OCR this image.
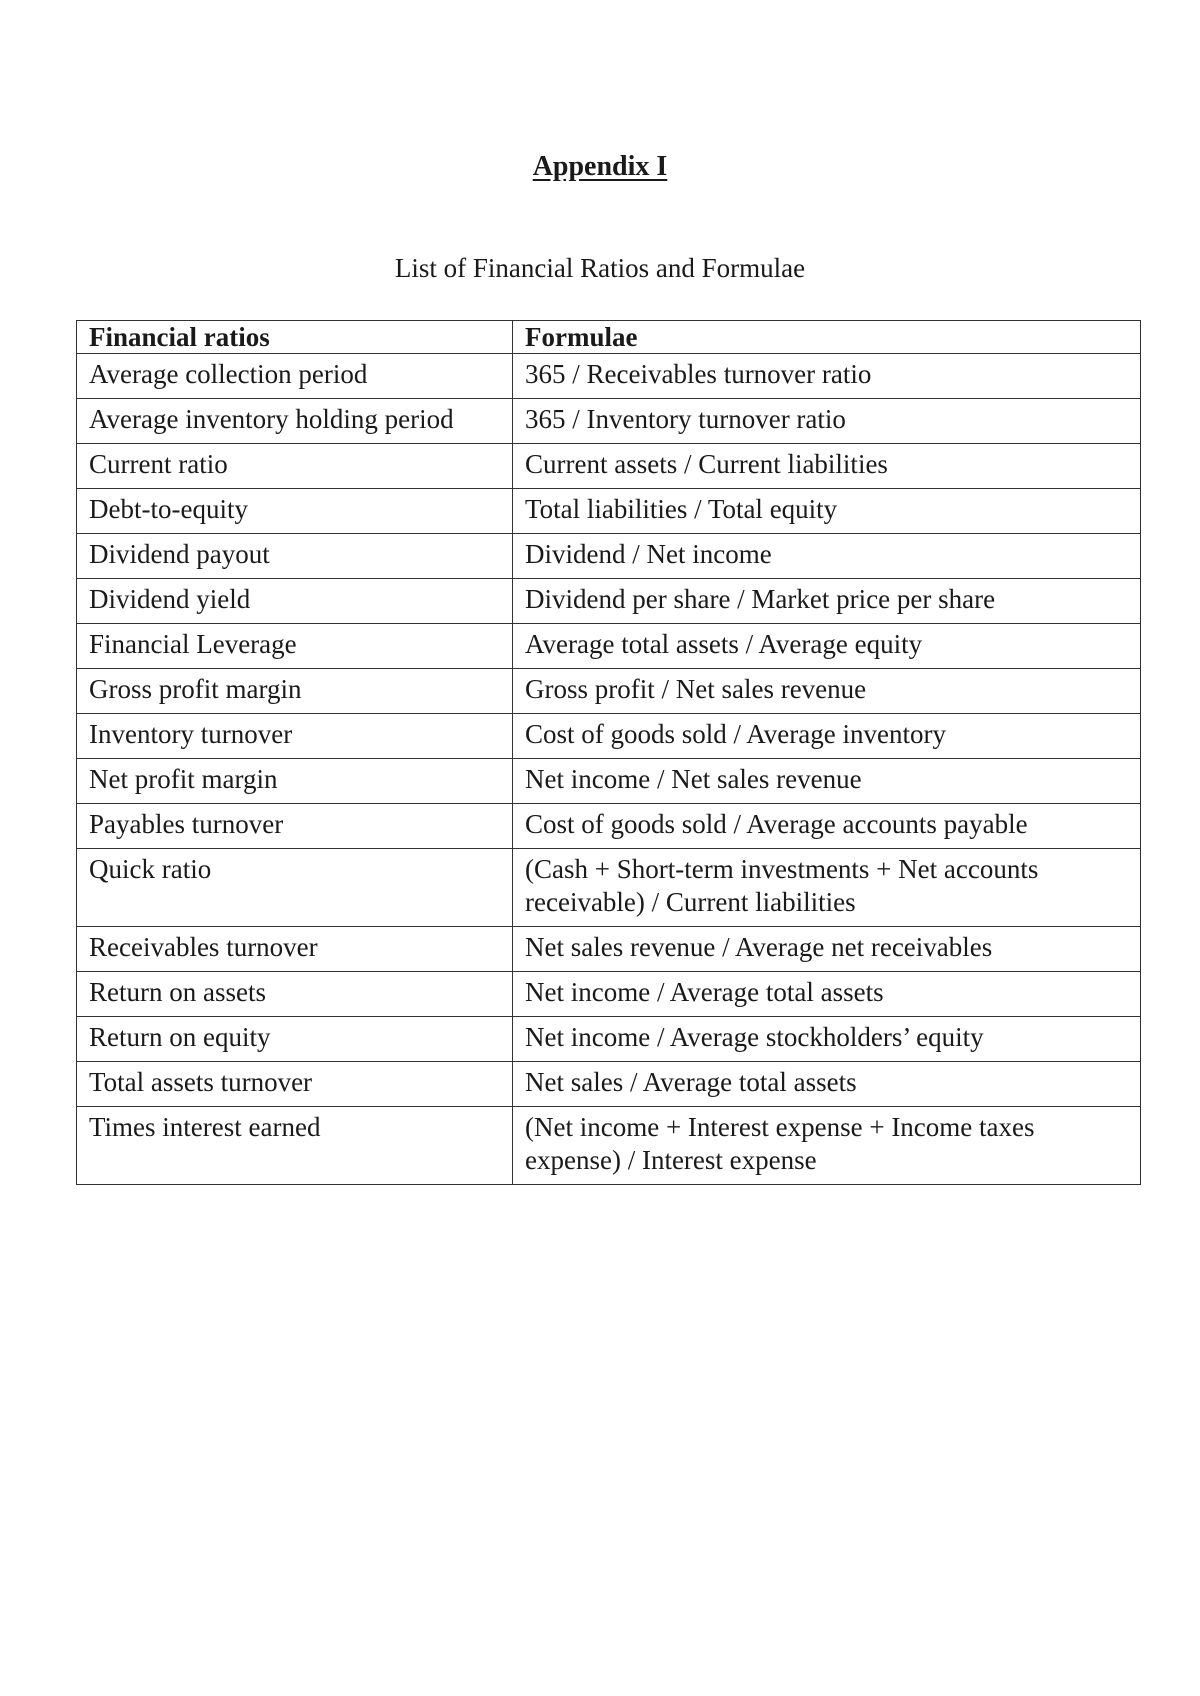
Appendix I
List of Financial Ratios and Formulae
Financial ratios	Formulae
Average collection period	365 / Receivables turnover ratio
Average inventory holding period	365 / Inventory turnover ratio
Current ratio	Current assets / Current liabilities
Debt-to-equity	Total liabilities / Total equity
Dividend payout	Dividend / Net income
Dividend yield	Dividend per share / Market price per share
Financial Leverage	Average total assets / Average equity
Gross profit margin	Gross profit / Net sales revenue
Inventory turnover	Cost of goods sold / Average inventory
Net profit margin	Net income / Net sales revenue
Payables turnover	Cost of goods sold / Average accounts payable
Quick ratio	(Cash + Short-term investments + Net accounts receivable) / Current liabilities
Receivables turnover	Net sales revenue / Average net receivables
Return on assets	Net income / Average total assets
Return on equity	Net income / Average stockholders’ equity
Total assets turnover	Net sales / Average total assets
Times interest earned	(Net income + Interest expense + Income taxes expense) / Interest expense
